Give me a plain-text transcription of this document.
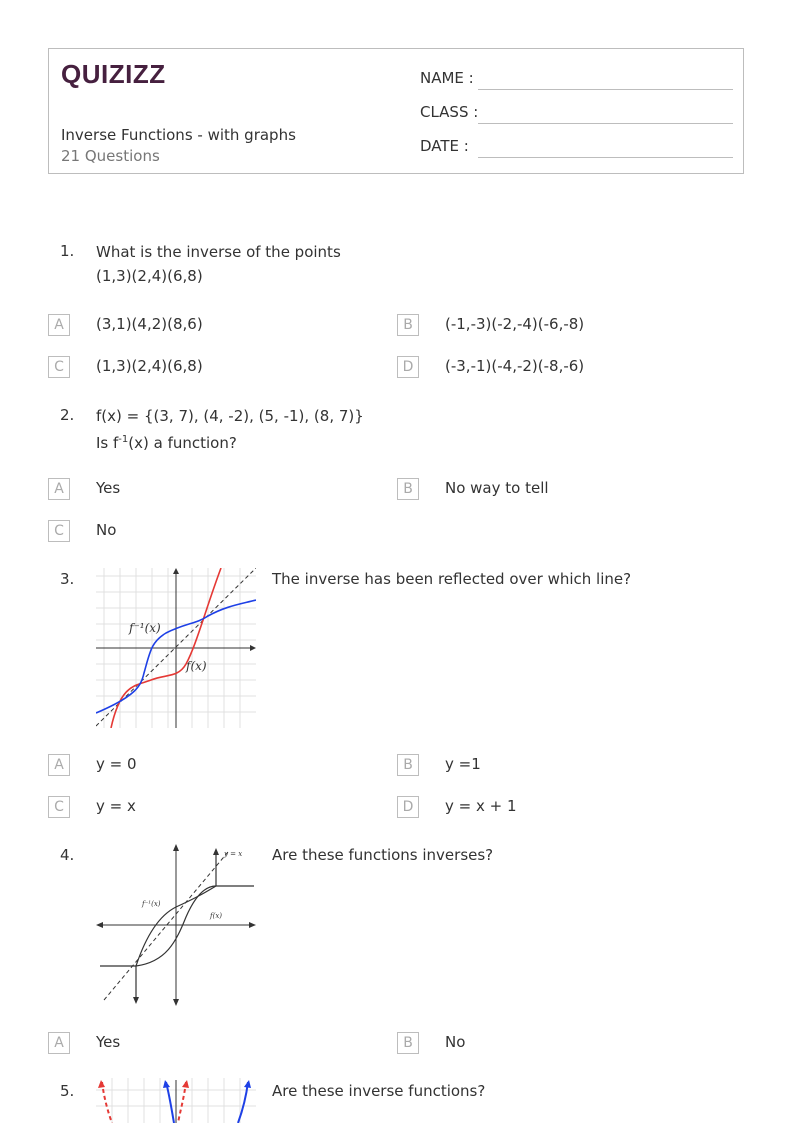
QUIZIZZ
Inverse Functions - with graphs
21 Questions
NAME :
CLASS :
DATE :
1. What is the inverse of the points
(1,3)(2,4)(6,8)
A	(3,1)(4,2)(8,6)	B	(-1,-3)(-2,-4)(-6,-8)
C	(1,3)(2,4)(6,8)	D	(-3,-1)(-4,-2)(-8,-6)
2. f(x) = {(3, 7), (4, -2), (5, -1), (8, 7)}
Is $f^{-1}(x)$ a function?
A	Yes	B	No way to tell
C	No
3.
f⁻¹(x)
f(x)
The inverse has been reflected over which line?
A	y = 0	B	y =1
C	y = x	D	y = x + 1
4.	y = x
f⁻¹(x)
f(x)
Are these functions inverses?
A	Yes	B	No
5.	Are these inverse functions?
